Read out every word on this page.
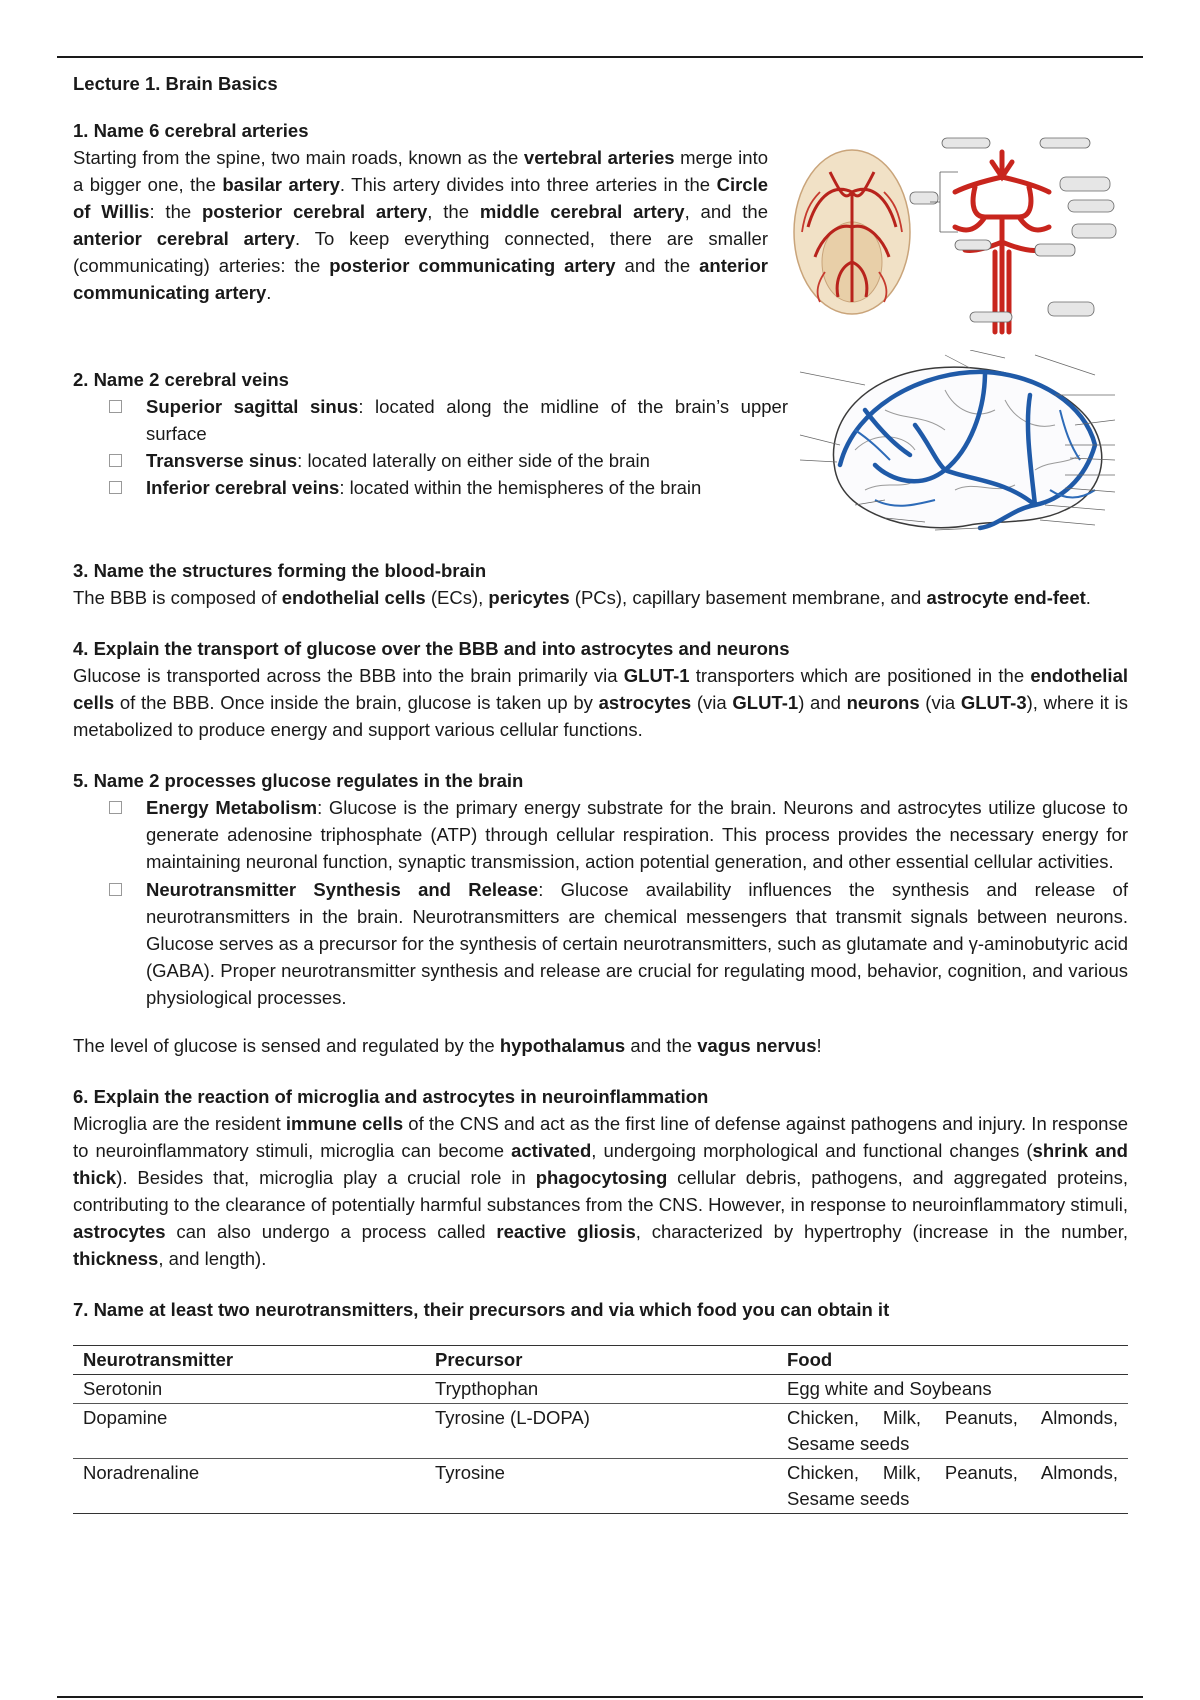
Lecture 1. Brain Basics
1. Name 6 cerebral arteries

Starting from the spine, two main roads, known as the vertebral arteries merge into a bigger one, the basilar artery. This artery divides into three arteries in the Circle of Willis: the posterior cerebral artery, the middle cerebral artery, and the anterior cerebral artery. To keep everything connected, there are smaller (communicating) arteries: the posterior communicating artery and the anterior communicating artery.

2. Name 2 cerebral veins
Superior sagittal sinus: located along the midline of the brain’s upper surface
Transverse sinus: located laterally on either side of the brain
Inferior cerebral veins: located within the hemispheres of the brain
3. Name the structures forming the blood-brain

The BBB is composed of endothelial cells (ECs), pericytes (PCs), capillary basement membrane, and astrocyte end-feet.

4. Explain the transport of glucose over the BBB and into astrocytes and neurons

Glucose is transported across the BBB into the brain primarily via GLUT-1 transporters which are positioned in the endothelial cells of the BBB. Once inside the brain, glucose is taken up by astrocytes (via GLUT-1) and neurons (via GLUT-3), where it is metabolized to produce energy and support various cellular functions.

5. Name 2 processes glucose regulates in the brain
Energy Metabolism: Glucose is the primary energy substrate for the brain. Neurons and astrocytes utilize glucose to generate adenosine triphosphate (ATP) through cellular respiration. This process provides the necessary energy for maintaining neuronal function, synaptic transmission, action potential generation, and other essential cellular activities.
Neurotransmitter Synthesis and Release: Glucose availability influences the synthesis and release of neurotransmitters in the brain. Neurotransmitters are chemical messengers that transmit signals between neurons. Glucose serves as a precursor for the synthesis of certain neurotransmitters, such as glutamate and γ-aminobutyric acid (GABA). Proper neurotransmitter synthesis and release are crucial for regulating mood, behavior, cognition, and various physiological processes.

The level of glucose is sensed and regulated by the hypothalamus and the vagus nervus!

6. Explain the reaction of microglia and astrocytes in neuroinflammation

Microglia are the resident immune cells of the CNS and act as the first line of defense against pathogens and injury. In response to neuroinflammatory stimuli, microglia can become activated, undergoing morphological and functional changes (shrink and thick). Besides that, microglia play a crucial role in phagocytosing cellular debris, pathogens, and aggregated proteins, contributing to the clearance of potentially harmful substances from the CNS. However, in response to neuroinflammatory stimuli, astrocytes can also undergo a process called reactive gliosis, characterized by hypertrophy (increase in the number, thickness, and length).

7. Name at least two neurotransmitters, their precursors and via which food you can obtain it
Neurotransmitter	Precursor	Food
Serotonin	Trypthophan	Egg white and Soybeans
Dopamine	Tyrosine (L-DOPA)	Chicken, Milk, Peanuts, Almonds, Sesame seeds
Noradrenaline	Tyrosine	Chicken, Milk, Peanuts, Almonds, Sesame seeds
